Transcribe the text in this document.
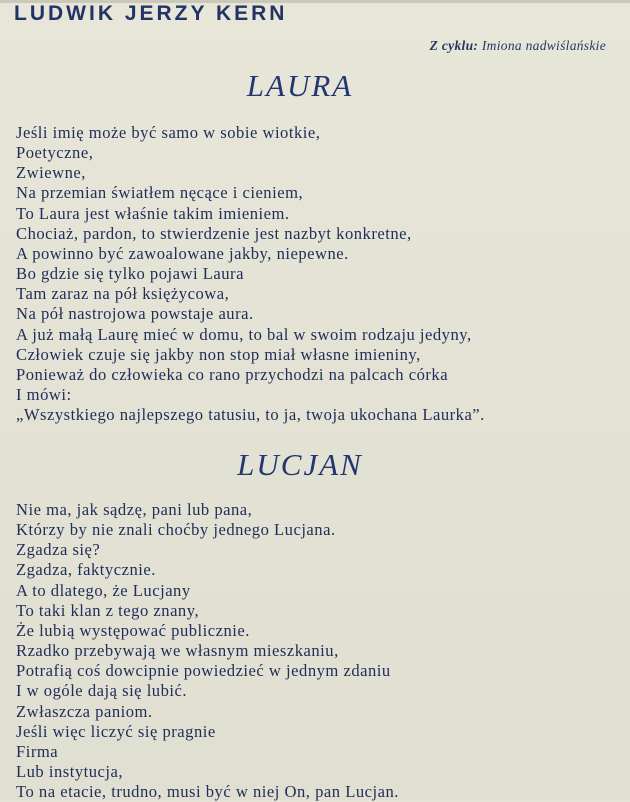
LUDWIK JERZY KERN
Z cyklu: Imiona nadwiślańskie
LAURA
Jeśli imię może być samo w sobie wiotkie,
Poetyczne,
Zwiewne,
Na przemian światłem nęcące i cieniem,
To Laura jest właśnie takim imieniem.
Chociaż, pardon, to stwierdzenie jest nazbyt konkretne,
A powinno być zawoalowane jakby, niepewne.
Bo gdzie się tylko pojawi Laura
Tam zaraz na pół księżycowa,
Na pół nastrojowa powstaje aura.
A już małą Laurę mieć w domu, to bal w swoim rodzaju jedyny,
Człowiek czuje się jakby non stop miał własne imieniny,
Ponieważ do człowieka co rano przychodzi na palcach córka
I mówi:
„Wszystkiego najlepszego tatusiu, to ja, twoja ukochana Laurka”.
LUCJAN
Nie ma, jak sądzę, pani lub pana,
Którzy by nie znali choćby jednego Lucjana.
Zgadza się?
Zgadza, faktycznie.
A to dlatego, że Lucjany
To taki klan z tego znany,
Że lubią występować publicznie.
Rzadko przebywają we własnym mieszkaniu,
Potrafią coś dowcipnie powiedzieć w jednym zdaniu
I w ogóle dają się lubić.
Zwłaszcza paniom.
Jeśli więc liczyć się pragnie
Firma
Lub instytucja,
To na etacie, trudno, musi być w niej On, pan Lucjan.
